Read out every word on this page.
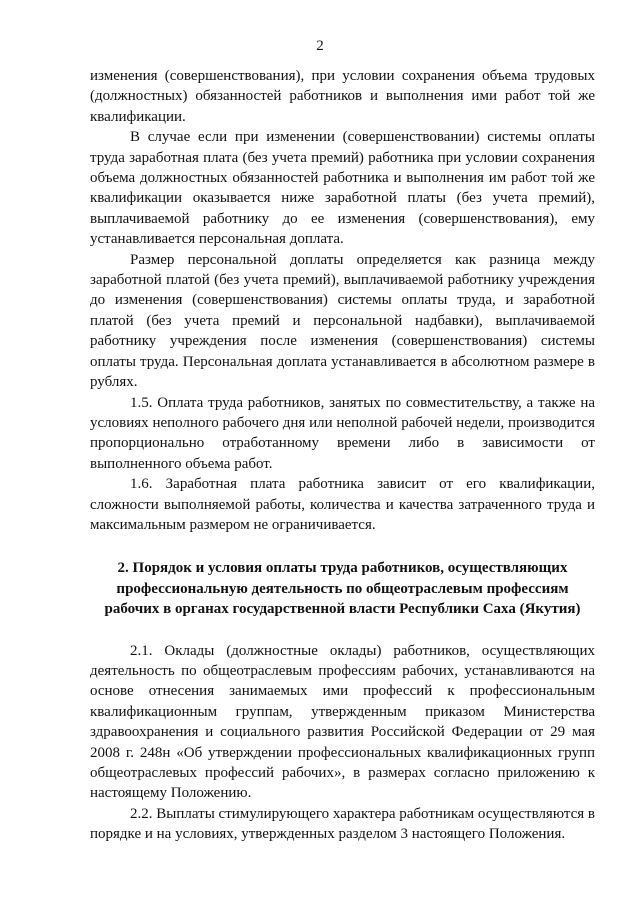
2

изменения (совершенствования), при условии сохранения объема трудовых (должностных) обязанностей работников и выполнения ими работ той же квалификации.

В случае если при изменении (совершенствовании) системы оплаты труда заработная плата (без учета премий) работника при условии сохранения объема должностных обязанностей работника и выполнения им работ той же квалификации оказывается ниже заработной платы (без учета премий), выплачиваемой работнику до ее изменения (совершенствования), ему устанавливается персональная доплата.

Размер персональной доплаты определяется как разница между заработной платой (без учета премий), выплачиваемой работнику учреждения до изменения (совершенствования) системы оплаты труда, и заработной платой (без учета премий и персональной надбавки), выплачиваемой работнику учреждения после изменения (совершенствования) системы оплаты труда. Персональная доплата устанавливается в абсолютном размере в рублях.

1.5. Оплата труда работников, занятых по совместительству, а также на условиях неполного рабочего дня или неполной рабочей недели, производится пропорционально отработанному времени либо в зависимости от выполненного объема работ.

1.6. Заработная плата работника зависит от его квалификации, сложности выполняемой работы, количества и качества затраченного труда и максимальным размером не ограничивается.

2. Порядок и условия оплаты труда работников, осуществляющих
профессиональную деятельность по общеотраслевым профессиям
рабочих в органах государственной власти Республики Саха (Якутия)

2.1. Оклады (должностные оклады) работников, осуществляющих деятельность по общеотраслевым профессиям рабочих, устанавливаются на основе отнесения занимаемых ими профессий к профессиональным квалификационным группам, утвержденным приказом Министерства здравоохранения и социального развития Российской Федерации от 29 мая 2008 г. 248н «Об утверждении профессиональных квалификационных групп общеотраслевых профессий рабочих», в размерах согласно приложению к настоящему Положению.

2.2. Выплаты стимулирующего характера работникам осуществляются в порядке и на условиях, утвержденных разделом 3 настоящего Положения.
